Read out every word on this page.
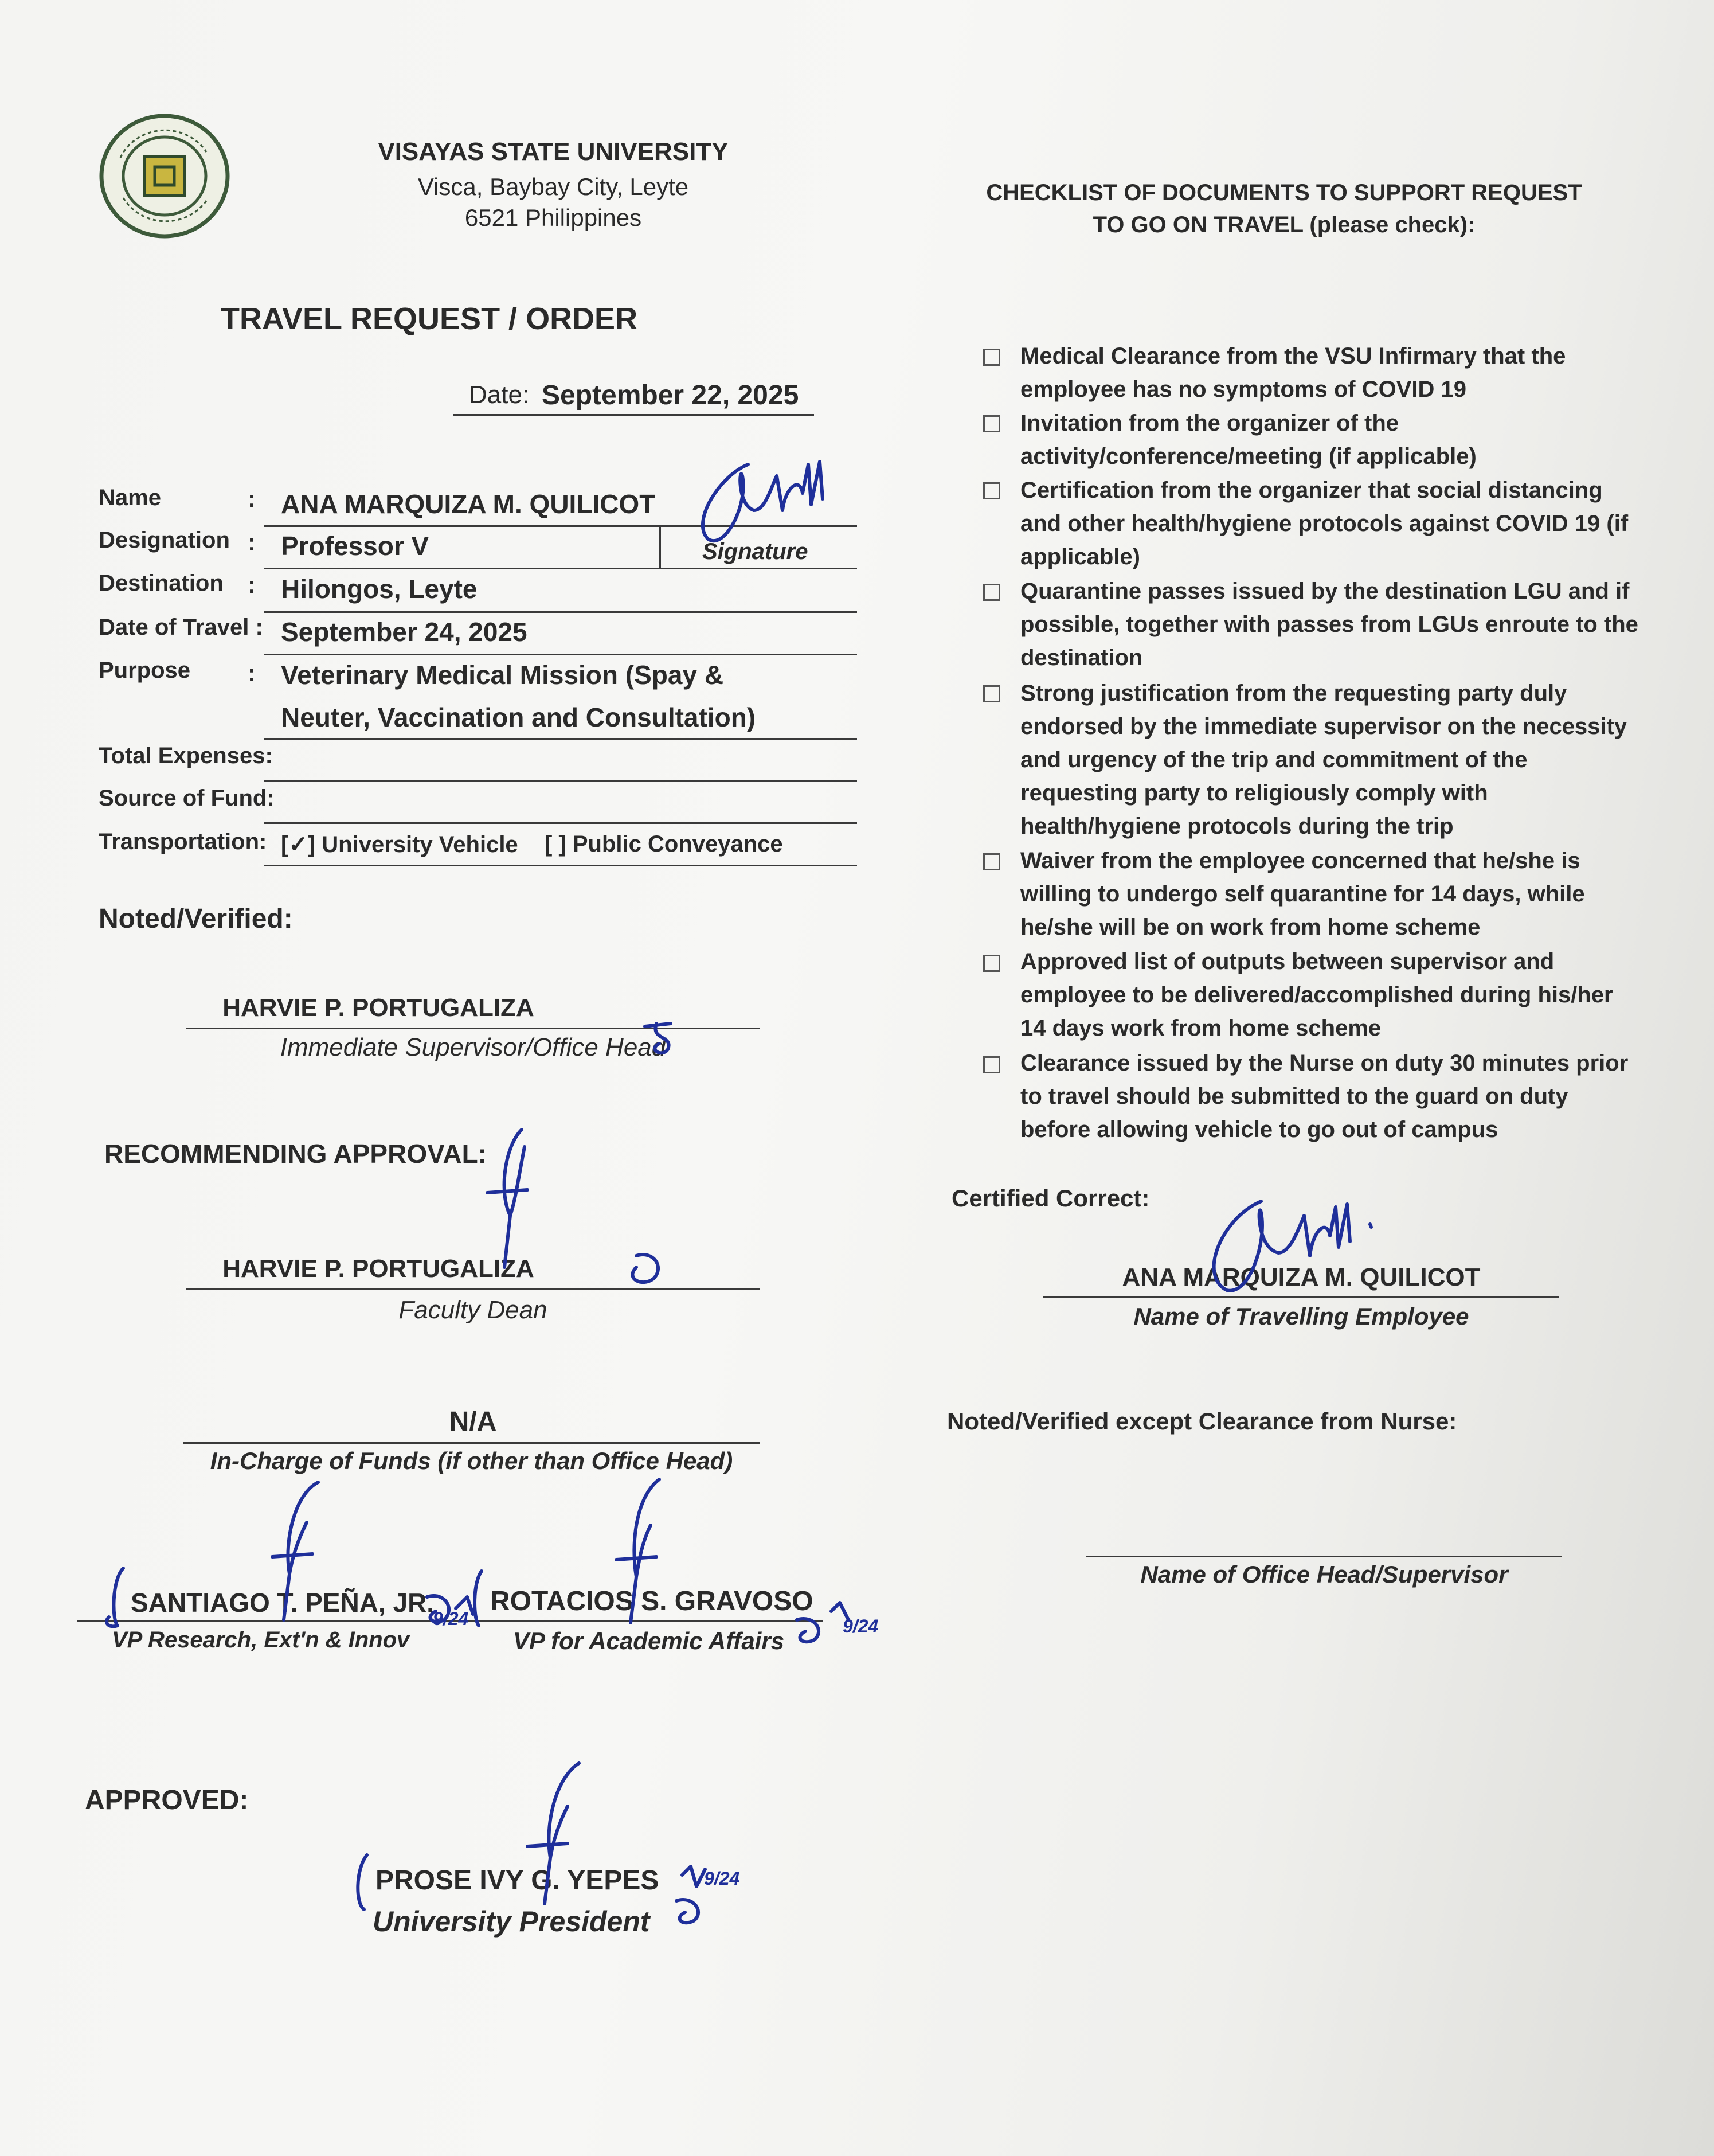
VISAYAS STATE UNIVERSITY
Visca, Baybay City, Leyte
6521 Philippines
CHECKLIST OF DOCUMENTS TO SUPPORT REQUEST
TO GO ON TRAVEL (please check):
TRAVEL REQUEST / ORDER
Date: September 22, 2025
Name	: ANA MARQUIZA M. QUILICOT
Designation : Professor V	Signature
Destination : Hilongos, Leyte
Date of Travel : September 24, 2025
Purpose : Veterinary Medical Mission (Spay &
Neuter, Vaccination and Consultation)
Total Expenses:
Source of Fund:
Transportation: [✓] University Vehicle [ ] Public Conveyance
Noted/Verified:
HARVIE P. PORTUGALIZA
Immediate Supervisor/Office Head
RECOMMENDING APPROVAL:
HARVIE P. PORTUGALIZA
Faculty Dean
N/A
In-Charge of Funds (if other than Office Head)
SANTIAGO T. PEÑA, JR. ROTACIOS S. GRAVOSO
VP Research, Ext'n & Innov	VP for Academic Affairs
APPROVED:
PROSE IVY G. YEPES
University President
Medical Clearance from the VSU Infirmary that the employee has no symptoms of COVID 19
Invitation from the organizer of the activity/conference/meeting (if applicable)
Certification from the organizer that social distancing and other health/hygiene protocols against COVID 19 (if applicable)
Quarantine passes issued by the destination LGU and if possible, together with passes from LGUs enroute to the destination
Strong justification from the requesting party duly endorsed by the immediate supervisor on the necessity and urgency of the trip and commitment of the requesting party to religiously comply with health/hygiene protocols during the trip
Waiver from the employee concerned that he/she is willing to undergo self quarantine for 14 days, while he/she will be on work from home scheme
Approved list of outputs between supervisor and employee to be delivered/accomplished during his/her 14 days work from home scheme
Clearance issued by the Nurse on duty 30 minutes prior to travel should be submitted to the guard on duty before allowing vehicle to go out of campus
Certified Correct:
ANA MARQUIZA M. QUILICOT
Name of Travelling Employee
Noted/Verified except Clearance from Nurse:
Name of Office Head/Supervisor
9/24	9/24
9/24
